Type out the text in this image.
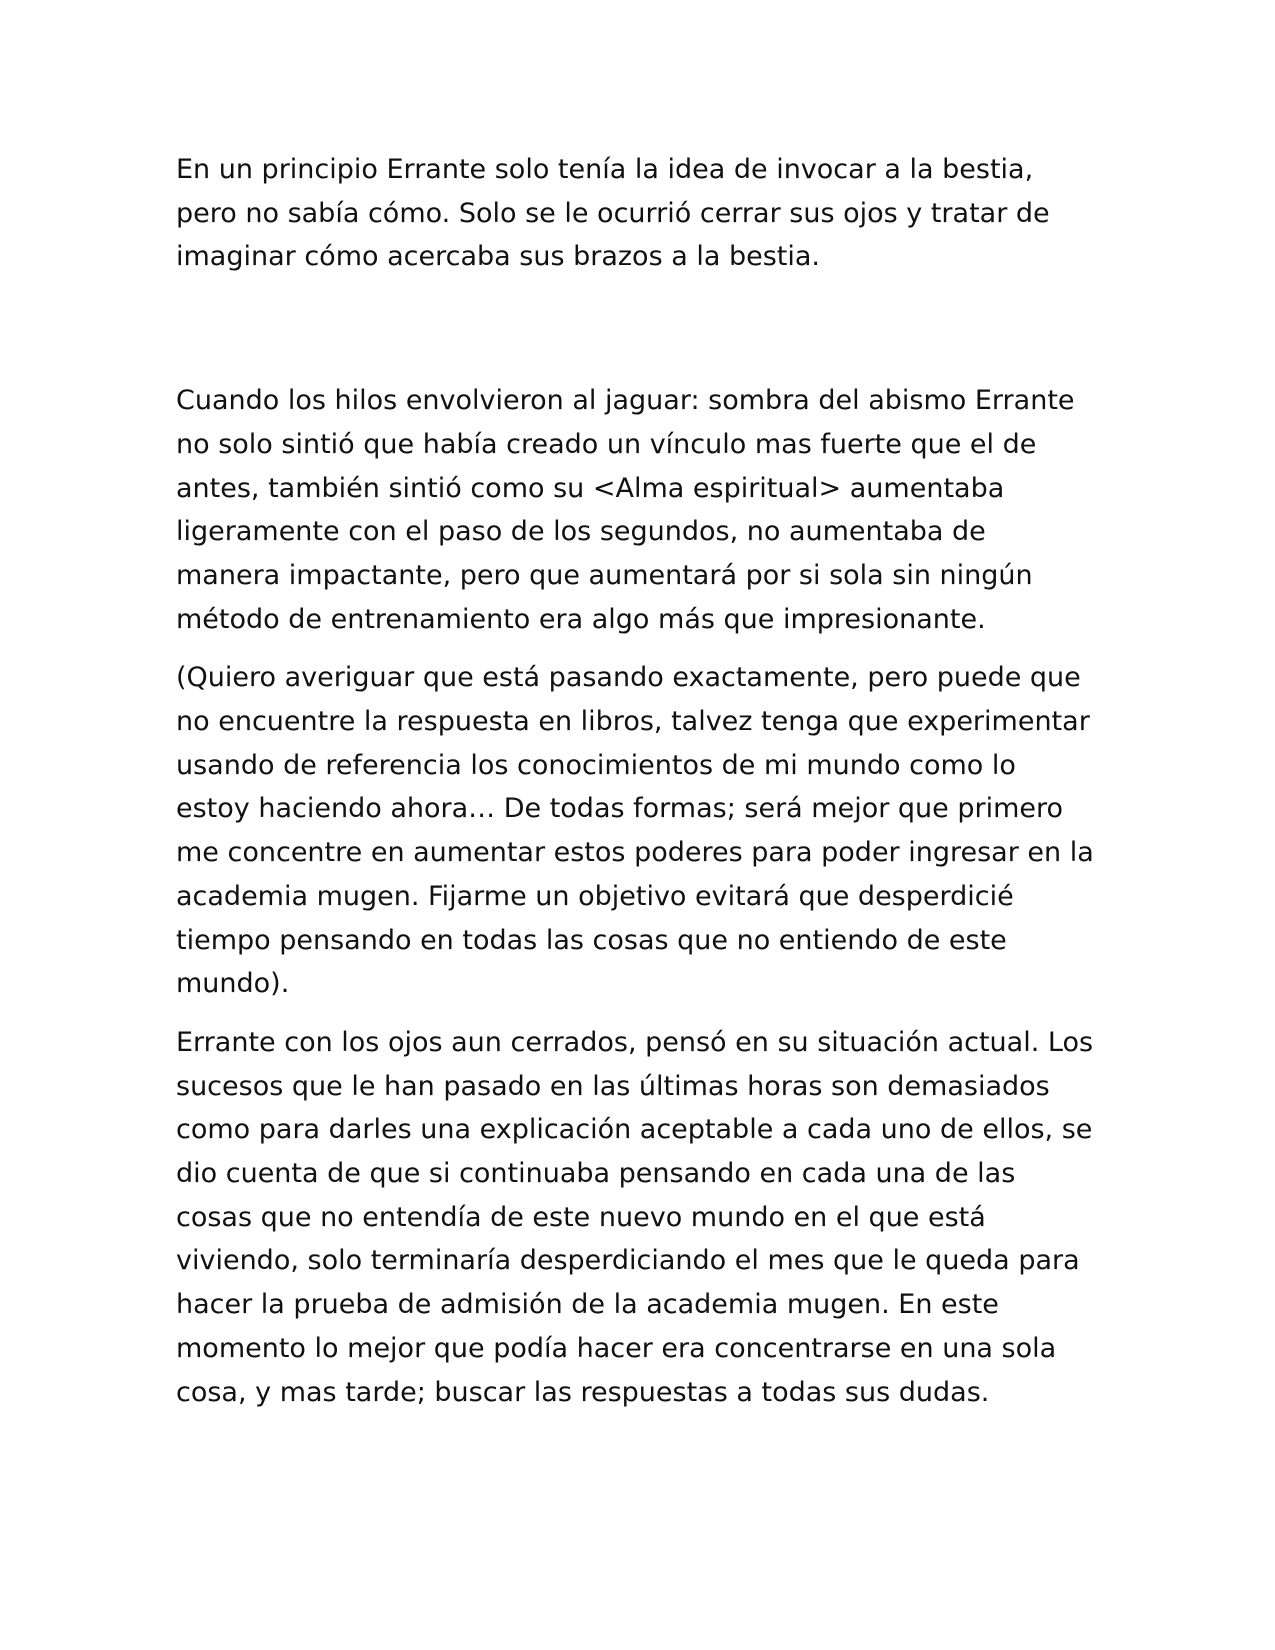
En un principio Errante solo tenía la idea de invocar a la bestia, pero no sabía cómo. Solo se le ocurrió cerrar sus ojos y tratar de imaginar cómo acercaba sus brazos a la bestia.

Cuando los hilos envolvieron al jaguar: sombra del abismo Errante no solo sintió que había creado un vínculo mas fuerte que el de antes, también sintió como su <Alma espiritual> aumentaba ligeramente con el paso de los segundos, no aumentaba de manera impactante, pero que aumentará por si sola sin ningún método de entrenamiento era algo más que impresionante.

(Quiero averiguar que está pasando exactamente, pero puede que no encuentre la respuesta en libros, talvez tenga que experimentar usando de referencia los conocimientos de mi mundo como lo estoy haciendo ahora… De todas formas; será mejor que primero me concentre en aumentar estos poderes para poder ingresar en la academia mugen. Fijarme un objetivo evitará que desperdicié tiempo pensando en todas las cosas que no entiendo de este mundo).

Errante con los ojos aun cerrados, pensó en su situación actual. Los sucesos que le han pasado en las últimas horas son demasiados como para darles una explicación aceptable a cada uno de ellos, se dio cuenta de que si continuaba pensando en cada una de las cosas que no entendía de este nuevo mundo en el que está viviendo, solo terminaría desperdiciando el mes que le queda para hacer la prueba de admisión de la academia mugen. En este momento lo mejor que podía hacer era concentrarse en una sola cosa, y mas tarde; buscar las respuestas a todas sus dudas.
